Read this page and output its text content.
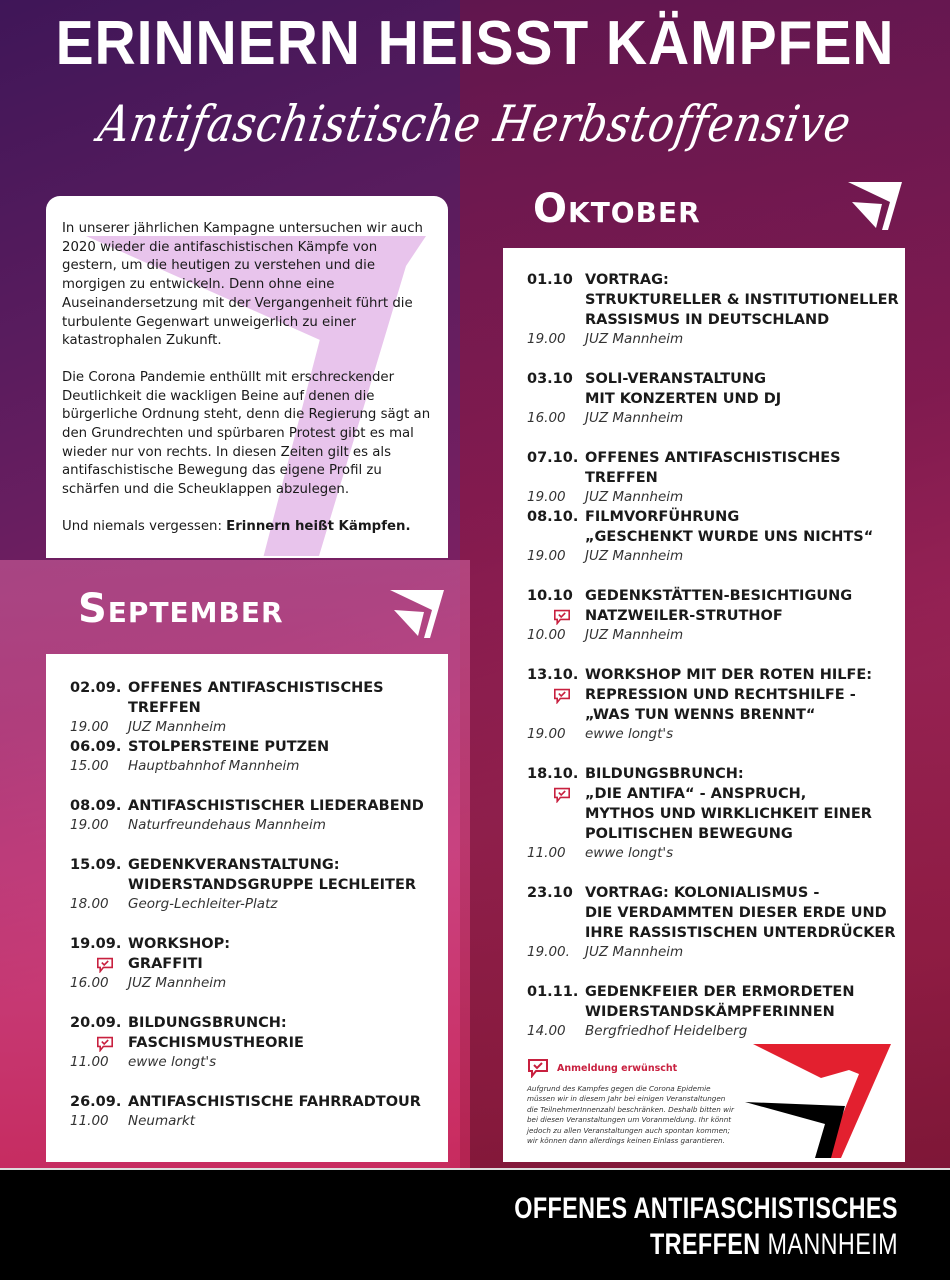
ERINNERN HEISST KÄMPFEN
Antifaschistische Herbstoffensive

In unserer jährlichen Kampagne untersuchen wir auch 2020 wieder die antifaschistischen Kämpfe von gestern, um die heutigen zu verstehen und die morgigen zu entwickeln. Denn ohne eine Auseinandersetzung mit der Vergangenheit führt die turbulente Gegenwart unweigerlich zu einer katastrophalen Zukunft.

Die Corona Pandemie enthüllt mit erschreckender Deutlichkeit die wackligen Beine auf denen die bürgerliche Ordnung steht, denn die Regierung sägt an den Grundrechten und spürbaren Protest gibt es mal wieder nur von rechts. In diesen Zeiten gilt es als antifaschistische Bewegung das eigene Profil zu schärfen und die Scheuklappen abzulegen.

Und niemals vergessen: Erinnern heißt Kämpfen.

September
02.09. OFFENES ANTIFASCHISTISCHES TREFFEN
19.00	JUZ Mannheim
06.09. STOLPERSTEINE PUTZEN
15.00	Hauptbahnhof Mannheim
08.09. ANTIFASCHISTISCHER LIEDERABEND
19.00	Naturfreundehaus Mannheim
15.09. GEDENKVERANSTALTUNG:
WIDERSTANDSGRUPPE LECHLEITER
18.00	Georg-Lechleiter-Platz
19.09. WORKSHOP:
GRAFFITI
16.00	JUZ Mannheim
20.09. BILDUNGSBRUNCH:
FASCHISMUSTHEORIE
11.00	ewwe longt's
26.09. ANTIFASCHISTISCHE FAHRRADTOUR
11.00	Neumarkt
Oktober
Anmeldung erwünscht
Aufgrund des Kampfes gegen die Corona Epidemie müssen wir in diesem Jahr bei einigen Veranstaltungen die TeilnehmerInnenzahl beschränken. Deshalb bitten wir bei diesen Veranstaltungen um Voranmeldung. Ihr könnt jedoch zu allen Veranstaltungen auch spontan kommen; wir können dann allerdings keinen Einlass garantieren.
01.10 VORTRAG:
STRUKTURELLER & INSTITUTIONELLER
RASSISMUS IN DEUTSCHLAND
19.00	JUZ Mannheim
03.10 SOLI-VERANSTALTUNG
MIT KONZERTEN UND DJ
16.00	JUZ Mannheim
07.10. OFFENES ANTIFASCHISTISCHES TREFFEN
19.00	JUZ Mannheim
08.10. FILMVORFÜHRUNG
„GESCHENKT WURDE UNS NICHTS“
19.00	JUZ Mannheim
10.10 GEDENKSTÄTTEN-BESICHTIGUNG
NATZWEILER-STRUTHOF
10.00	JUZ Mannheim
13.10. WORKSHOP MIT DER ROTEN HILFE:
REPRESSION UND RECHTSHILFE -
„WAS TUN WENNS BRENNT“
19.00	ewwe longt's
18.10. BILDUNGSBRUNCH:
„DIE ANTIFA“ - ANSPRUCH,
MYTHOS UND WIRKLICHKEIT EINER
POLITISCHEN BEWEGUNG
11.00	ewwe longt's
23.10 VORTRAG: KOLONIALISMUS -
DIE VERDAMMTEN DIESER ERDE UND
IHRE RASSISTISCHEN UNTERDRÜCKER
19.00.	JUZ Mannheim
01.11. GEDENKFEIER DER ERMORDETEN
WIDERSTANDSKÄMPFERINNEN
14.00	Bergfriedhof Heidelberg
OFFENES ANTIFASCHISTISCHES
TREFFEN MANNHEIM
